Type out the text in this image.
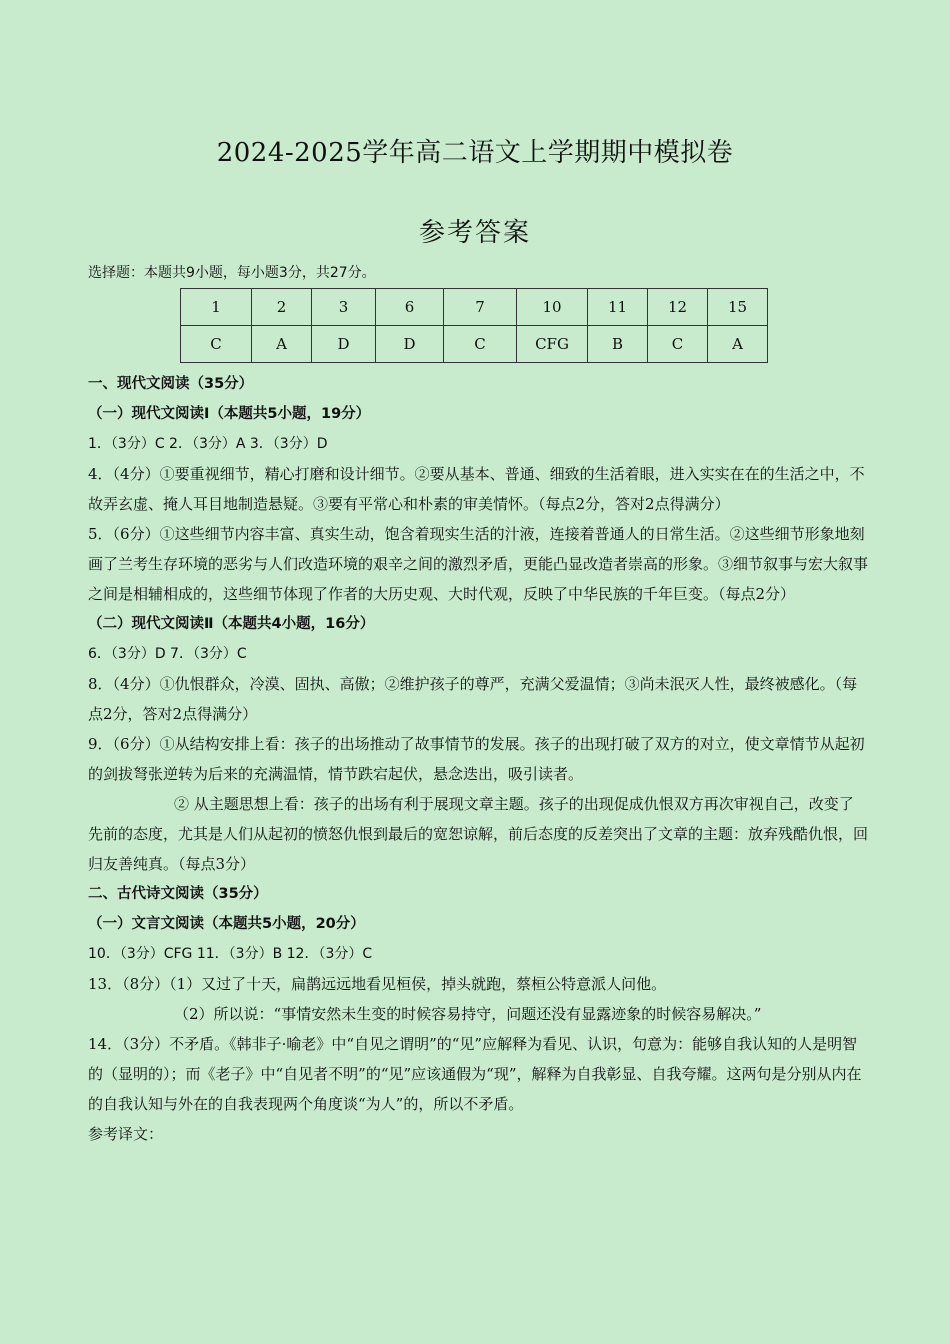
2024-2025学年高二语文上学期期中模拟卷
参考答案
选择题：本题共9小题，每小题3分，共27分。
1	2	3	6	7	10	11	12	15
C	A	D	D	C	CFG	B	C	A
一、现代文阅读（35分）
（一）现代文阅读Ⅰ（本题共5小题，19分）
1．（3分）C 2．（3分）A 3．（3分）D

4．（4分）①要重视细节，精心打磨和设计细节。②要从基本、普通、细致的生活着眼，进入实实在在的生活之中，不故弄玄虚、掩人耳目地制造悬疑。③要有平常心和朴素的审美情怀。（每点2分，答对2点得满分）

5．（6分）①这些细节内容丰富、真实生动，饱含着现实生活的汁液，连接着普通人的日常生活。②这些细节形象地刻画了兰考生存环境的恶劣与人们改造环境的艰辛之间的激烈矛盾，更能凸显改造者崇高的形象。③细节叙事与宏大叙事之间是相辅相成的，这些细节体现了作者的大历史观、大时代观，反映了中华民族的千年巨变。（每点2分）

（二）现代文阅读Ⅱ（本题共4小题，16分）
6．（3分）D 7．（3分）C

8．（4分）①仇恨群众，冷漠、固执、高傲；②维护孩子的尊严，充满父爱温情；③尚未泯灭人性，最终被感化。（每点2分，答对2点得满分）

9．（6分）①从结构安排上看：孩子的出场推动了故事情节的发展。孩子的出现打破了双方的对立，使文章情节从起初的剑拔弩张逆转为后来的充满温情，情节跌宕起伏，悬念迭出，吸引读者。

② 从主题思想上看：孩子的出场有利于展现文章主题。孩子的出现促成仇恨双方再次审视自己，改变了先前的态度，尤其是人们从起初的愤怒仇恨到最后的宽恕谅解，前后态度的反差突出了文章的主题：放弃残酷仇恨，回归友善纯真。（每点3分）

二、古代诗文阅读（35分）
（一）文言文阅读（本题共5小题，20分）
10．（3分）CFG 11．（3分）B 12．（3分）C
13．（8分）（1）又过了十天，扁鹊远远地看见桓侯，掉头就跑，蔡桓公特意派人问他。
（2）所以说：“事情安然未生变的时候容易持守，问题还没有显露迹象的时候容易解决。”

14．（3分）不矛盾。《韩非子·喻老》中“自见之谓明”的“见”应解释为看见、认识，句意为：能够自我认知的人是明智的（显明的）；而《老子》中“自见者不明”的“见”应该通假为“现”，解释为自我彰显、自我夸耀。这两句是分别从内在的自我认知与外在的自我表现两个角度谈“为人”的，所以不矛盾。

参考译文：
